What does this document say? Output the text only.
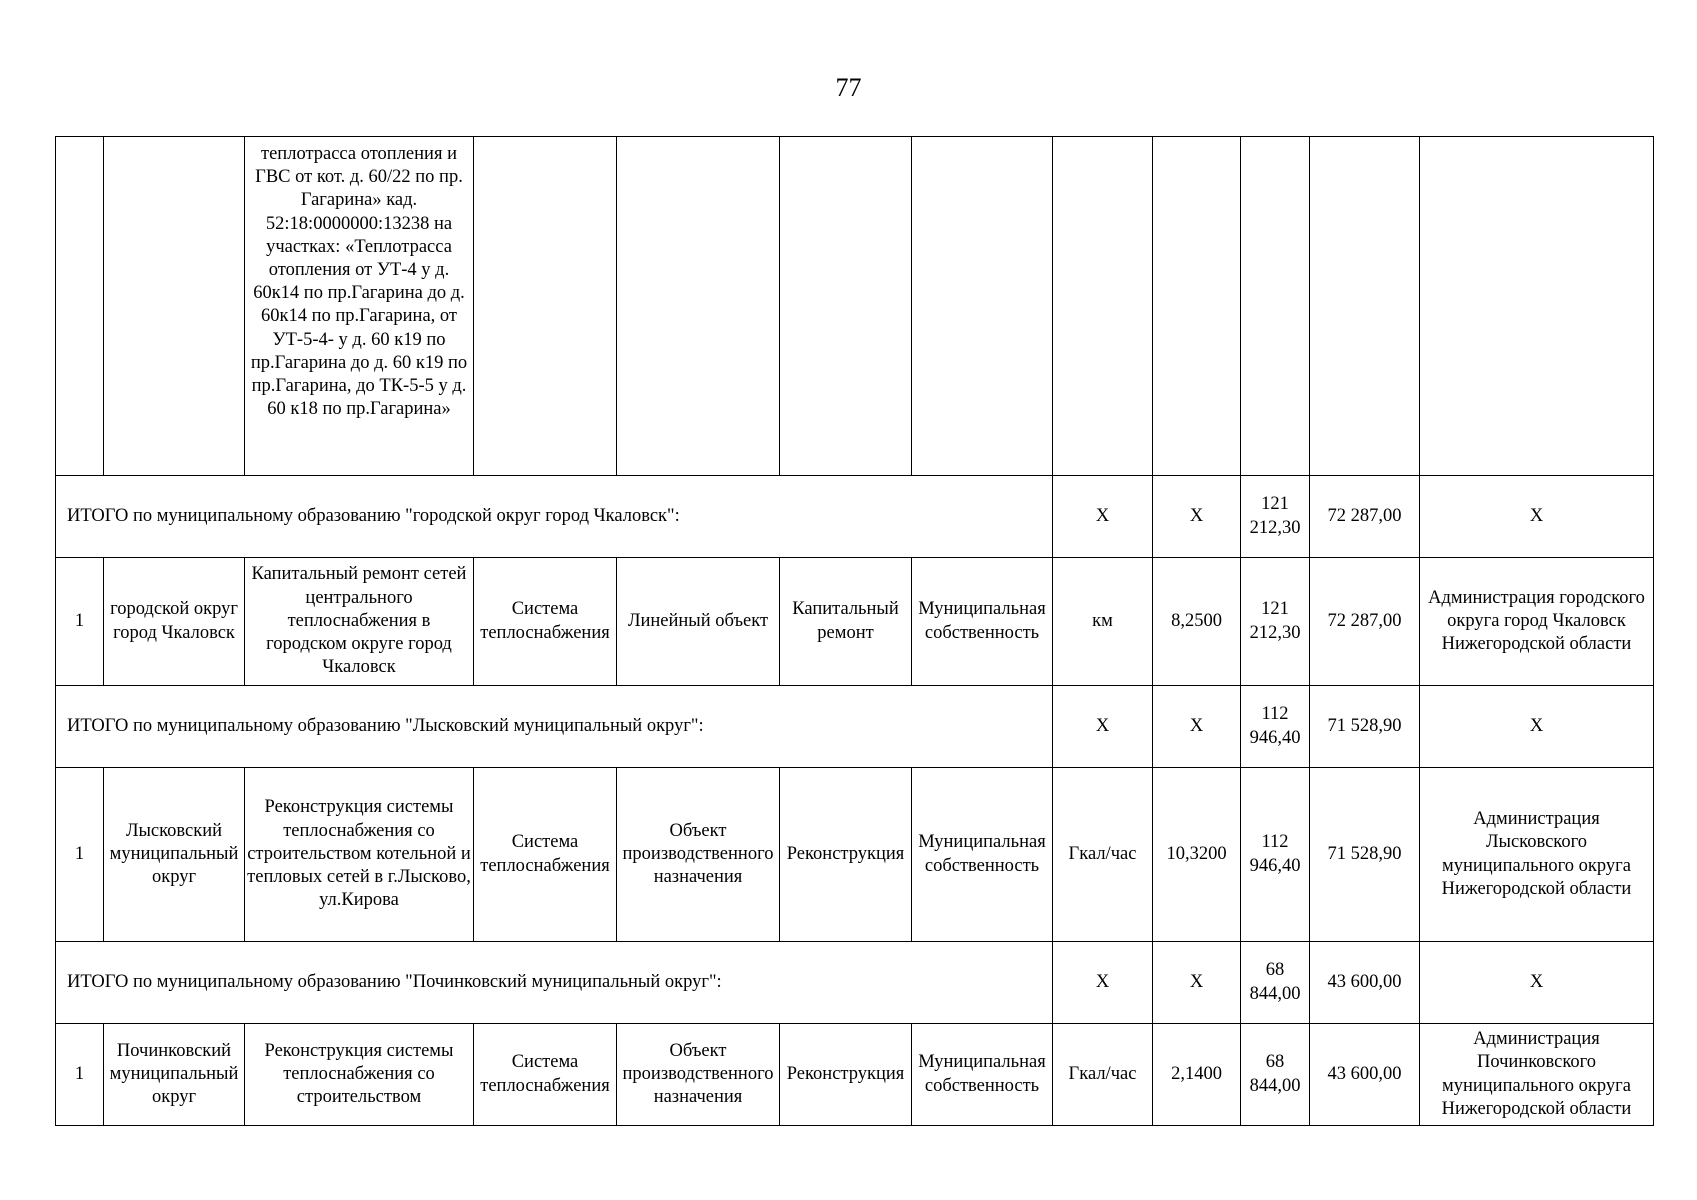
77
		теплотрасса отопления и ГВС от кот. д. 60/22 по пр. Гагарина» кад. 52:18:0000000:13238 на участках: «Теплотрасса отопления от УТ-4 у д. 60к14 по пр.Гагарина до д. 60к14 по пр.Гагарина, от УТ-5-4- у д. 60 к19 по пр.Гагарина до д. 60 к19 по пр.Гагарина, до ТК-5-5 у д. 60 к18 по пр.Гагарина»									
ИТОГО по муниципальному образованию "городской округ город Чкаловск":							Х	Х	121 212,30	72 287,00	Х
1	городской округ город Чкаловск	Капитальный ремонт сетей центрального теплоснабжения в городском округе город Чкаловск	Система теплоснабжения	Линейный объект	Капитальный ремонт	Муниципальная собственность	км	8,2500	121 212,30	72 287,00	Администрация городского округа город Чкаловск Нижегородской области
ИТОГО по муниципальному образованию "Лысковский муниципальный округ":							Х	Х	112 946,40	71 528,90	Х
1	Лысковский муниципальный округ	Реконструкция системы теплоснабжения со строительством котельной и тепловых сетей в г.Лысково, ул.Кирова	Система теплоснабжения	Объект производственного назначения	Реконструкция	Муниципальная собственность	Гкал/час	10,3200	112 946,40	71 528,90	Администрация Лысковского муниципального округа Нижегородской области
ИТОГО по муниципальному образованию "Починковский муниципальный округ":							Х	Х	68 844,00	43 600,00	Х
1	Починковский муниципальный округ	Реконструкция системы теплоснабжения со строительством	Система теплоснабжения	Объект производственного назначения	Реконструкция	Муниципальная собственность	Гкал/час	2,1400	68 844,00	43 600,00	Администрация Починковского муниципального округа Нижегородской области
